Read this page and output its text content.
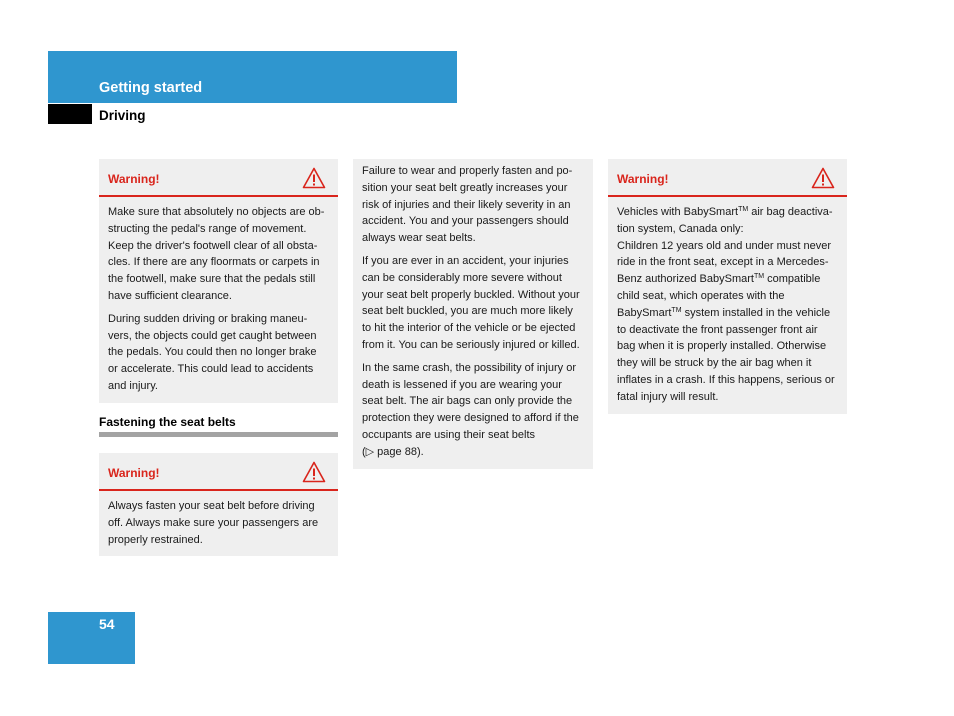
Getting started
Driving
Warning!

Make sure that absolutely no objects are ob-structing the pedal's range of movement. Keep the driver's footwell clear of all obsta-cles. If there are any floormats or carpets in the footwell, make sure that the pedals still have sufficient clearance.

During sudden driving or braking maneu-vers, the objects could get caught between the pedals. You could then no longer brake or accelerate. This could lead to accidents and injury.

Fastening the seat belts
Warning!

Always fasten your seat belt before driving off. Always make sure your passengers are properly restrained.

Failure to wear and properly fasten and po-sition your seat belt greatly increases your risk of injuries and their likely severity in an accident. You and your passengers should always wear seat belts.

If you are ever in an accident, your injuries can be considerably more severe without your seat belt properly buckled. Without your seat belt buckled, you are much more likely to hit the interior of the vehicle or be ejected from it. You can be seriously injured or killed.

In the same crash, the possibility of injury or death is lessened if you are wearing your seat belt. The air bags can only provide the protection they were designed to afford if the occupants are using their seat belts
(▷ page 88).

Warning!

Vehicles with BabySmart™ air bag deactiva-tion system, Canada only:

Children 12 years old and under must never ride in the front seat, except in a Mercedes-Benz authorized BabySmart™ compatible child seat, which operates with the BabySmart™ system installed in the vehicle to deactivate the front passenger front air bag when it is properly installed. Otherwise they will be struck by the air bag when it inflates in a crash. If this happens, serious or fatal injury will result.

54
